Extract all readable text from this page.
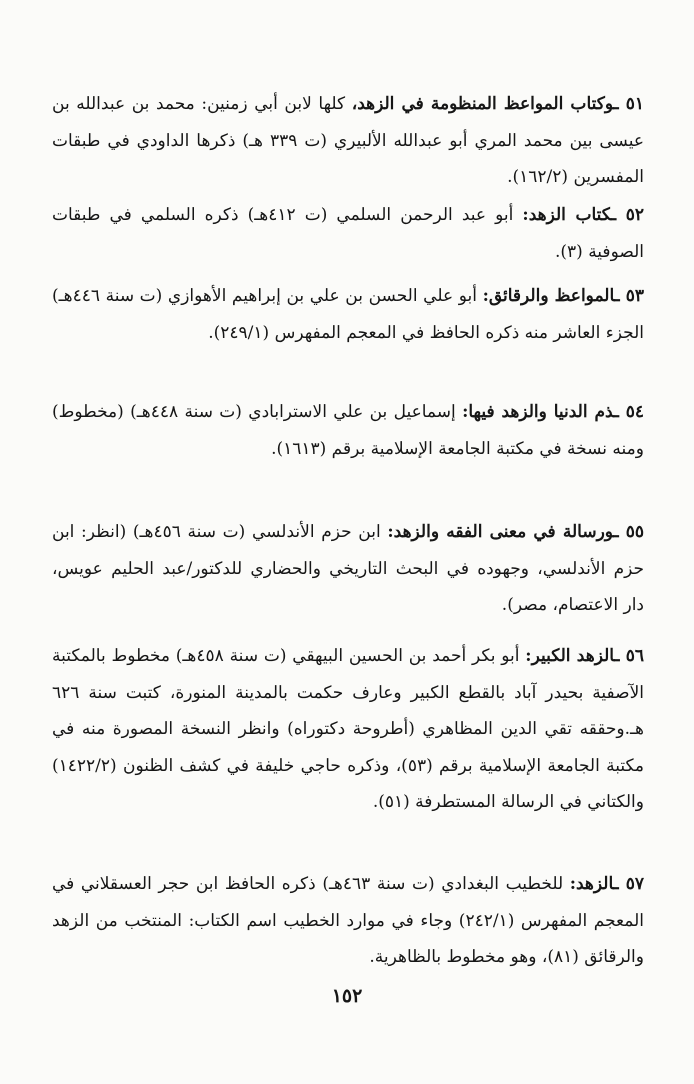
٥١ ـوكتاب المواعظ المنظومة في الزهد، كلها لابن أبي زمنين: محمد بن عبدالله بن عيسى بين محمد المري أبو عبدالله الألبيري (ت ٣٣٩ هـ) ذكرها الداودي في طبقات المفسرين (١٦٢/٢).
٥٢ ـكتاب الزهد: أبو عبد الرحمن السلمي (ت ٤١٢هـ) ذكره السلمي في طبقات الصوفية (٣).
٥٣ ـالمواعظ والرقائق: أبو علي الحسن بن علي بن إبراهيم الأهوازي (ت سنة ٤٤٦هـ) الجزء العاشر منه ذكره الحافظ في المعجم المفهرس (٢٤٩/١).
٥٤ ـذم الدنيا والزهد فيها: إسماعيل بن علي الاسترابادي (ت سنة ٤٤٨هـ) (مخطوط) ومنه نسخة في مكتبة الجامعة الإسلامية برقم (١٦١٣).
٥٥ ـورسالة في معنى الفقه والزهد: ابن حزم الأندلسي (ت سنة ٤٥٦هـ) (انظر: ابن حزم الأندلسي، وجهوده في البحث التاريخي والحضاري للدكتور/عبد الحليم عويس، دار الاعتصام، مصر).
٥٦ ـالزهد الكبير: أبو بكر أحمد بن الحسين البيهقي (ت سنة ٤٥٨هـ) مخطوط بالمكتبة الآصفية بحيدر آباد بالقطع الكبير وعارف حكمت بالمدينة المنورة، كتبت سنة ٦٢٦ هـ.وحققه تقي الدين المظاهري (أطروحة دكتوراه) وانظر النسخة المصورة منه في مكتبة الجامعة الإسلامية برقم (٥٣)، وذكره حاجي خليفة في كشف الظنون (١٤٢٢/٢) والكتاني في الرسالة المستطرفة (٥١).
٥٧ ـالزهد: للخطيب البغدادي (ت سنة ٤٦٣هـ) ذكره الحافظ ابن حجر العسقلاني في المعجم المفهرس (٢٤٢/١) وجاء في موارد الخطيب اسم الكتاب: المنتخب من الزهد والرقائق (٨١)، وهو مخطوط بالظاهرية.
١٥٢
